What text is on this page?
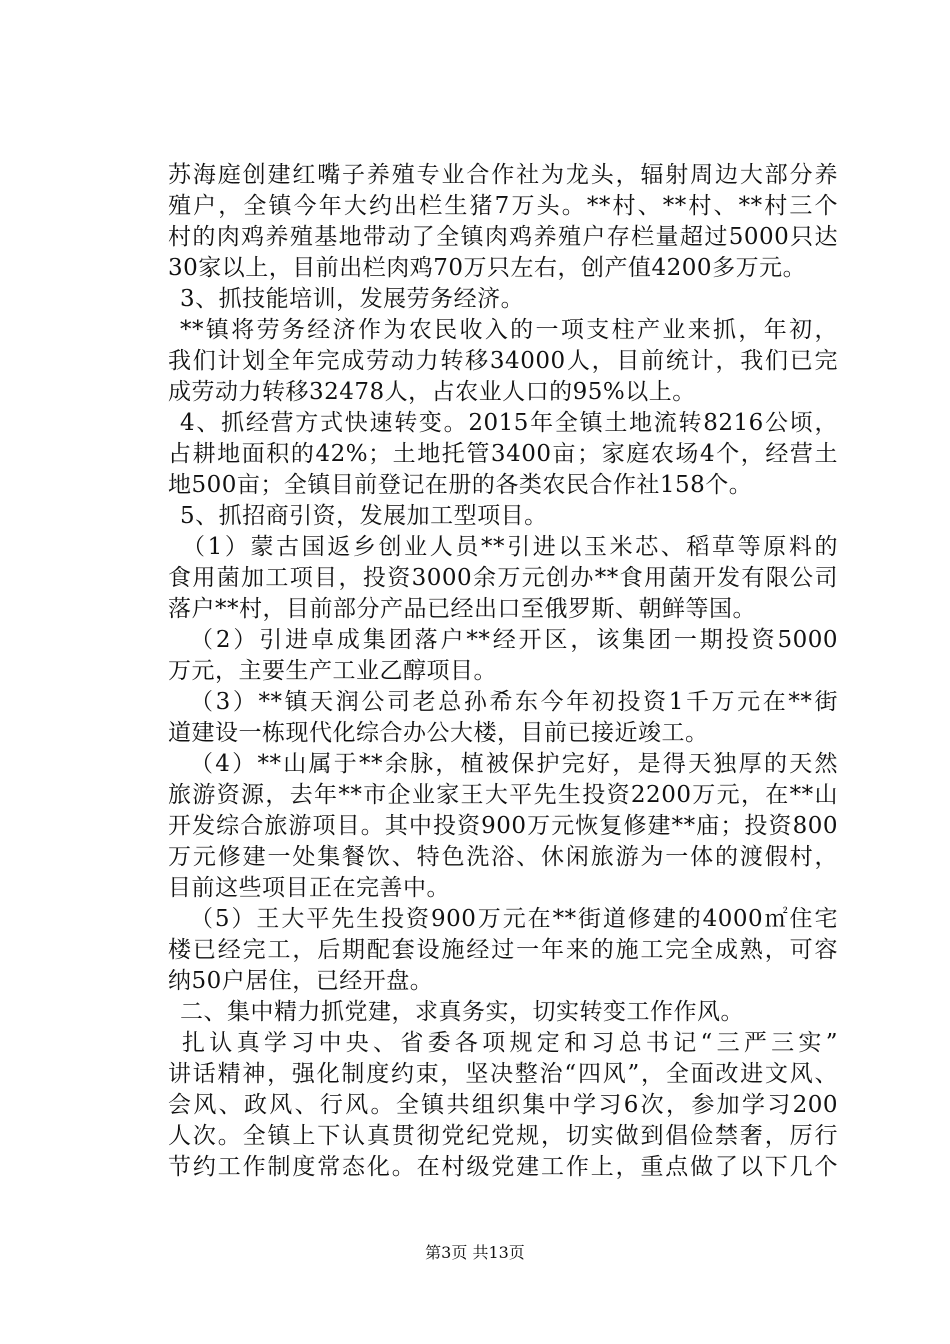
苏海庭创建红嘴子养殖专业合作社为龙头，辐射周边大部分养
殖户，全镇今年大约出栏生猪7万头。**村、**村、**村三个
村的肉鸡养殖基地带动了全镇肉鸡养殖户存栏量超过5000只达
30家以上，目前出栏肉鸡70万只左右，创产值4200多万元。
3、抓技能培训，发展劳务经济。
**镇将劳务经济作为农民收入的一项支柱产业来抓，年初，
我们计划全年完成劳动力转移34000人，目前统计，我们已完
成劳动力转移32478人，占农业人口的95%以上。
4、抓经营方式快速转变。2015年全镇土地流转8216公顷，
占耕地面积的42%；土地托管3400亩；家庭农场4个，经营土
地500亩；全镇目前登记在册的各类农民合作社158个。
5、抓招商引资，发展加工型项目。
（1）蒙古国返乡创业人员**引进以玉米芯、稻草等原料的
食用菌加工项目，投资3000余万元创办**食用菌开发有限公司
落户**村，目前部分产品已经出口至俄罗斯、朝鲜等国。
（2）引进卓成集团落户**经开区，该集团一期投资5000
万元，主要生产工业乙醇项目。
（3）**镇天润公司老总孙希东今年初投资1千万元在**街
道建设一栋现代化综合办公大楼，目前已接近竣工。
（4）**山属于**余脉，植被保护完好，是得天独厚的天然
旅游资源，去年**市企业家王大平先生投资2200万元，在**山
开发综合旅游项目。其中投资900万元恢复修建**庙；投资800
万元修建一处集餐饮、特色洗浴、休闲旅游为一体的渡假村，
目前这些项目正在完善中。
（5）王大平先生投资900万元在**街道修建的4000㎡住宅
楼已经完工，后期配套设施经过一年来的施工完全成熟，可容
纳50户居住，已经开盘。
二、集中精力抓党建，求真务实，切实转变工作作风。
扎认真学习中央、省委各项规定和习总书记“三严三实”
讲话精神，强化制度约束，坚决整治“四风”，全面改进文风、
会风、政风、行风。全镇共组织集中学习6次，参加学习200
人次。全镇上下认真贯彻党纪党规，切实做到倡俭禁奢，厉行
节约工作制度常态化。在村级党建工作上，重点做了以下几个
第3页 共13页
